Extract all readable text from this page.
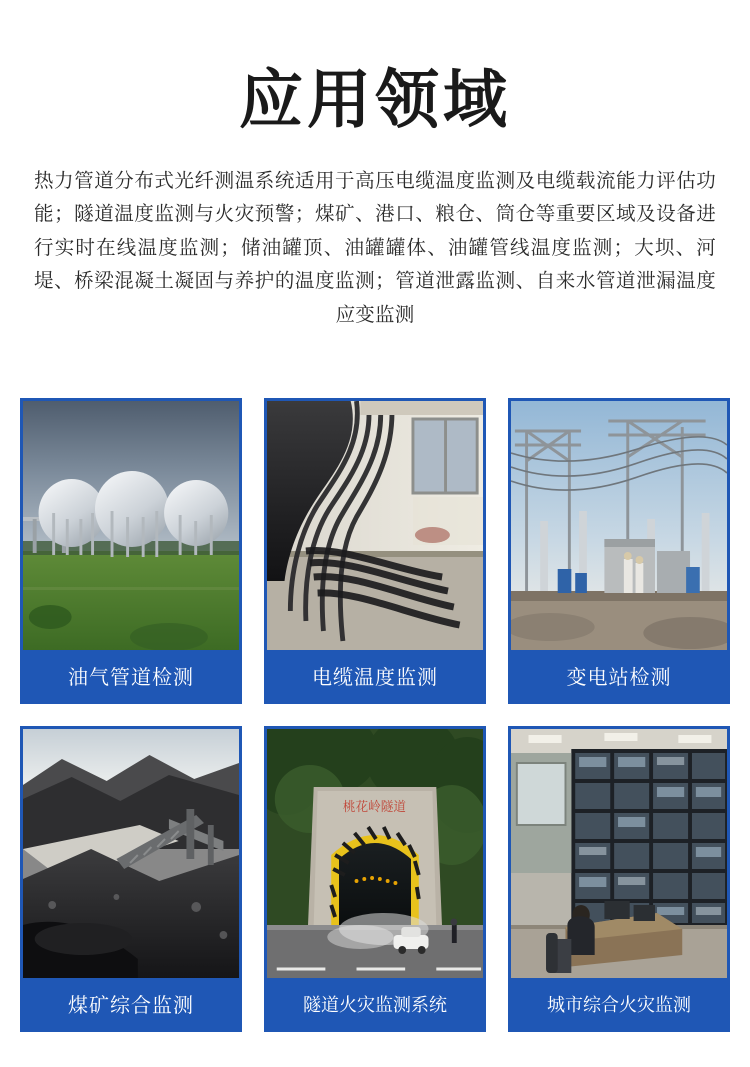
应用领域

热力管道分布式光纤测温系统适用于高压电缆温度监测及电缆载流能力评估功能；隧道温度监测与火灾预警；煤矿、港口、粮仓、筒仓等重要区域及设备进行实时在线温度监测；储油罐顶、油罐罐体、油罐管线温度监测；大坝、河堤、桥梁混凝土凝固与养护的温度监测；管道泄露监测、自来水管道泄漏温度应变监测

油气管道检测	电缆温度监测	变电站检测
煤矿综合监测
桃花岭隧道
隧道火灾监测系统	城市综合火灾监测
